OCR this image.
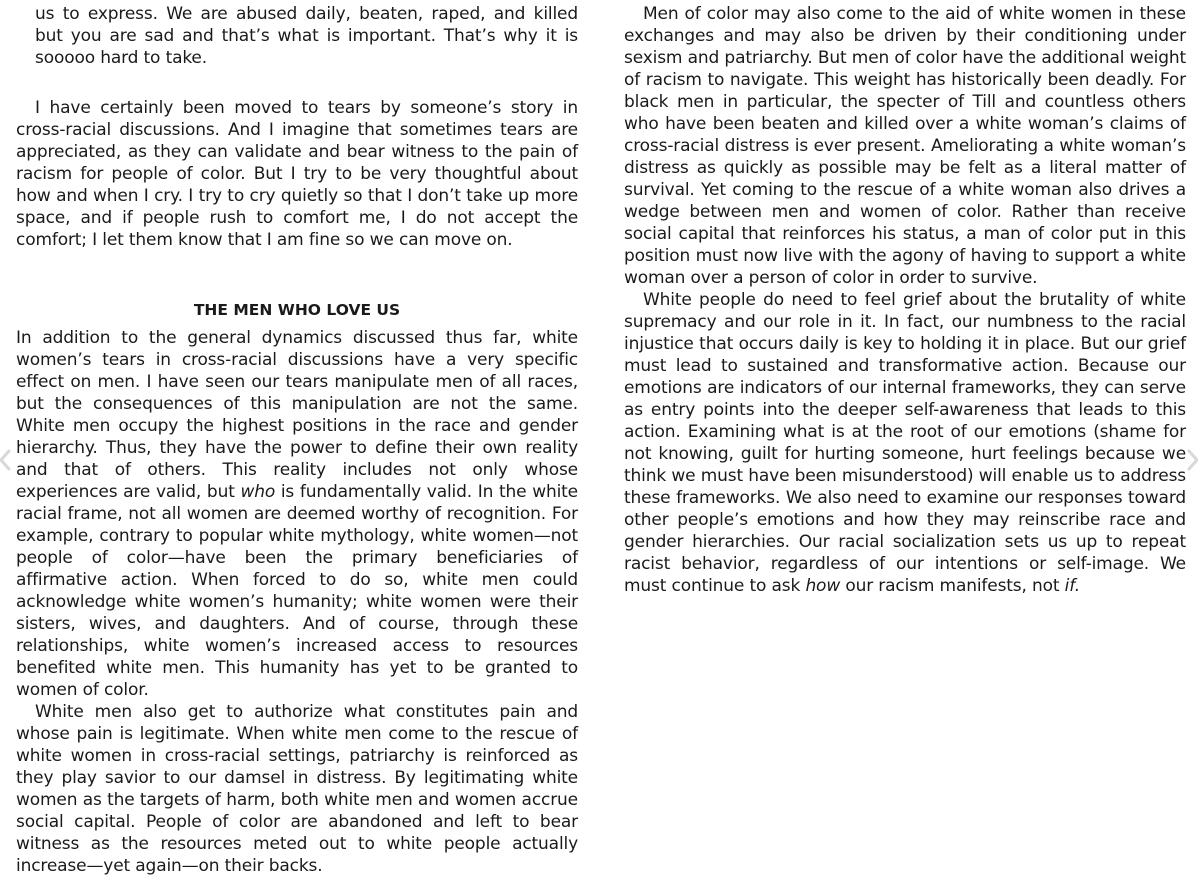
us to express. We are abused daily, beaten, raped, and killed but you are sad and that’s what is important. That’s why it is sooooo hard to take.

I have certainly been moved to tears by someone’s story in cross-racial discussions. And I imagine that sometimes tears are appreciated, as they can validate and bear witness to the pain of racism for people of color. But I try to be very thoughtful about how and when I cry. I try to cry quietly so that I don’t take up more space, and if people rush to comfort me, I do not accept the comfort; I let them know that I am fine so we can move on.

THE MEN WHO LOVE US

In addition to the general dynamics discussed thus far, white women’s tears in cross-racial discussions have a very specific effect on men. I have seen our tears manipulate men of all races, but the consequences of this manipulation are not the same. White men occupy the highest positions in the race and gender hierarchy. Thus, they have the power to define their own reality and that of others. This reality includes not only whose experiences are valid, but who is fundamentally valid. In the white racial frame, not all women are deemed worthy of recognition. For example, contrary to popular white mythology, white women—not people of color—have been the primary beneficiaries of affirmative action. When forced to do so, white men could acknowledge white women’s humanity; white women were their sisters, wives, and daughters. And of course, through these relationships, white women’s increased access to resources benefited white men. This humanity has yet to be granted to women of color.

White men also get to authorize what constitutes pain and whose pain is legitimate. When white men come to the rescue of white women in cross-racial settings, patriarchy is reinforced as they play savior to our damsel in distress. By legitimating white women as the targets of harm, both white men and women accrue social capital. People of color are abandoned and left to bear witness as the resources meted out to white people actually increase—yet again—on their backs.

Men of color may also come to the aid of white women in these exchanges and may also be driven by their conditioning under sexism and patriarchy. But men of color have the additional weight of racism to navigate. This weight has historically been deadly. For black men in particular, the specter of Till and countless others who have been beaten and killed over a white woman’s claims of cross-racial distress is ever present. Ameliorating a white woman’s distress as quickly as possible may be felt as a literal matter of survival. Yet coming to the rescue of a white woman also drives a wedge between men and women of color. Rather than receive social capital that reinforces his status, a man of color put in this position must now live with the agony of having to support a white woman over a person of color in order to survive.

White people do need to feel grief about the brutality of white supremacy and our role in it. In fact, our numbness to the racial injustice that occurs daily is key to holding it in place. But our grief must lead to sustained and transformative action. Because our emotions are indicators of our internal frameworks, they can serve as entry points into the deeper self-awareness that leads to this action. Examining what is at the root of our emotions (shame for not knowing, guilt for hurting someone, hurt feelings because we think we must have been misunderstood) will enable us to address these frameworks. We also need to examine our responses toward other people’s emotions and how they may reinscribe race and gender hierarchies. Our racial socialization sets us up to repeat racist behavior, regardless of our intentions or self-image. We must continue to ask how our racism manifests, not if.
